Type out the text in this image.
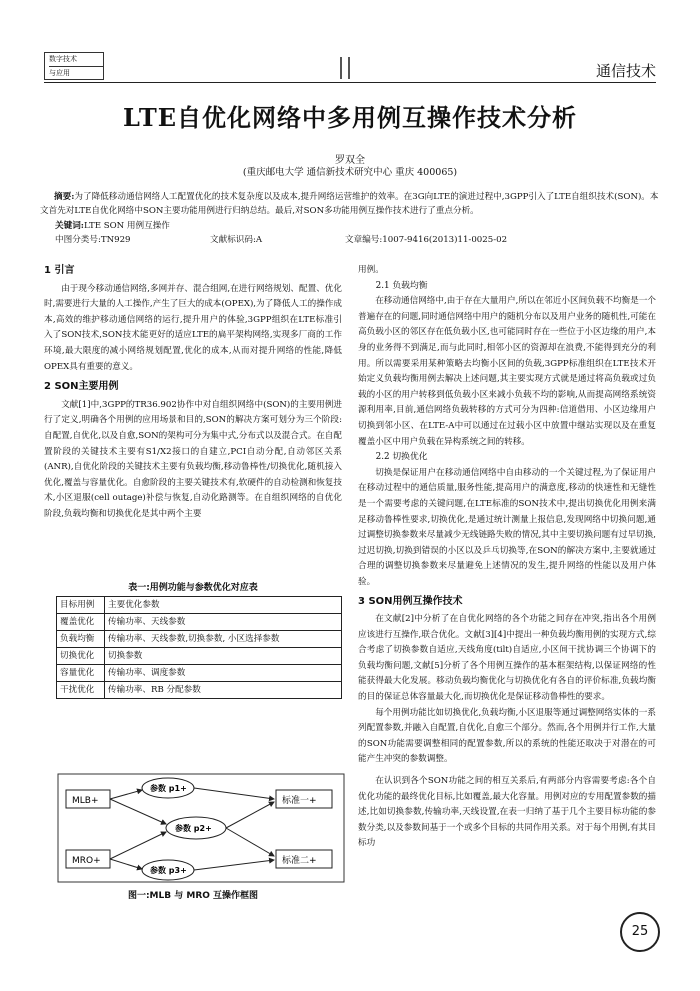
数字技术
与应用	通信技术
LTE自优化网络中多用例互操作技术分析
罗双全
(重庆邮电大学 通信新技术研究中心 重庆 400065)
摘要:为了降低移动通信网络人工配置优化的技术复杂度以及成本,提升网络运营维护的效率。在3G向LTE的演进过程中,3GPP引入了LTE自组织技术(SON)。本文首先对LTE自优化网络中SON主要功能用例进行归纳总结。最后,对SON多功能用例互操作技术进行了重点分析。
关键词:LTE SON 用例互操作
中图分类号:TN929	文献标识码:A	文章编号:1007-9416(2013)11-0025-02
1 引言

由于现今移动通信网络,多网并存、混合组网,在进行网络规划、配置、优化时,需要进行大量的人工操作,产生了巨大的成本(OPEX),为了降低人工的操作成本,高效的维护移动通信网络的运行,提升用户的体验,3GPP组织在LTE标准引入了SON技术,SON技术能更好的适应LTE的扁平架构网络,实现多厂商的工作环境,最大限度的减小网络规划配置,优化的成本,从而对提升网络的性能,降低OPEX具有重要的意义。

2 SON主要用例

文献[1]中,3GPP的TR36.902协作中对自组织网络中(SON)的主要用例进行了定义,明确各个用例的应用场景和目的,SON的解决方案可划分为三个阶段:自配置,自优化,以及自愈,SON的架构可分为集中式,分布式以及混合式。在自配置阶段的关键技术主要有S1/X2接口的自建立,PCI自动分配,自动邻区关系(ANR),自优化阶段的关键技术主要有负载均衡,移动鲁棒性/切换优化,随机接入优化,覆盖与容量优化。自愈阶段的主要关键技术有,软硬件的自动检测和恢复技术,小区退服(cell outage)补偿与恢复,自动化路测等。在自组织网络的自优化阶段,负载均衡和切换优化是其中两个主要

表一:用例功能与参数优化对应表
目标用例	主要优化参数
覆盖优化	传输功率、天线参数
负载均衡	传输功率、天线参数,切换参数, 小区选择参数
切换优化	切换参数
容量优化	传输功率、调度参数
干扰优化	传输功率、RB 分配参数
MLB+
MRO+
参数 p1+
参数 p2+
参数 p3+
标准一+
标准二+
图一:MLB 与 MRO 互操作框图
用例。
2.1 负载均衡

在移动通信网络中,由于存在大量用户,所以在邻近小区间负载不均衡是一个普遍存在的问题,同时通信网络中用户的随机分布以及用户业务的随机性,可能在高负载小区的邻区存在低负载小区,也可能同时存在一些位于小区边缘的用户,本身的业务得不到满足,而与此同时,相邻小区的资源却在浪费,不能得到充分的利用。所以需要采用某种策略去均衡小区间的负载,3GPP标准组织在LTE技术开始定义负载均衡用例去解决上述问题,其主要实现方式就是通过将高负载或过负载的小区的用户转移到低负载小区来减小负载不均的影响,从而提高网络系统资源利用率,目前,通信网络负载转移的方式可分为四种:信道借用、小区边缘用户切换到邻小区、在LTE-A中可以通过在过载小区中放置中继站实现以及在重复覆盖小区中用户负载在异构系统之间的转移。

2.2 切换优化

切换是保证用户在移动通信网络中自由移动的一个关键过程,为了保证用户在移动过程中的通信质量,服务性能,提高用户的满意度,移动的快速性和无缝性是一个需要考虑的关键问题,在LTE标准的SON技术中,提出切换优化用例来满足移动鲁棒性要求,切换优化,是通过统计测量上报信息,发现网络中切换问题,通过调整切换参数来尽量减少无线链路失败的情况,其中主要切换问题有过早切换,过迟切换,切换到错误的小区以及乒乓切换等,在SON的解决方案中,主要就通过合理的调整切换参数来尽量避免上述情况的发生,提升网络的性能以及用户体验。

3 SON用例互操作技术

在文献[2]中分析了在自优化网络的各个功能之间存在冲突,指出各个用例应该进行互操作,联合优化。文献[3][4]中提出一种负载均衡用例的实现方式,综合考虑了切换参数自适应,天线角度(tilt)自适应,小区间干扰协调三个协调下的负载均衡问题,文献[5]分析了各个用例互操作的基本框架结构,以保证网络的性能获得最大化发展。移动负载均衡优化与切换优化有各自的评价标准,负载均衡的目的保证总体容量最大化,而切换优化是保证移动鲁棒性的要求。

每个用例功能比如切换优化,负载均衡,小区退服等通过调整网络实体的一系列配置参数,并融入自配置,自优化,自愈三个部分。然而,各个用例并行工作,大量的SON功能需要调整相同的配置参数,所以的系统的性能还取决于对潜在的可能产生冲突的参数调整。

在认识到各个SON功能之间的相互关系后,有两部分内容需要考虑:各个自优化功能的最终优化目标,比如覆盖,最大化容量。用例对应的专用配置参数的描述,比如切换参数,传输功率,天线设置,在表一归纳了基于几个主要目标功能的参数分类,以及参数间基于一个或多个目标的共同作用关系。对于每个用例,有其目标功

25
